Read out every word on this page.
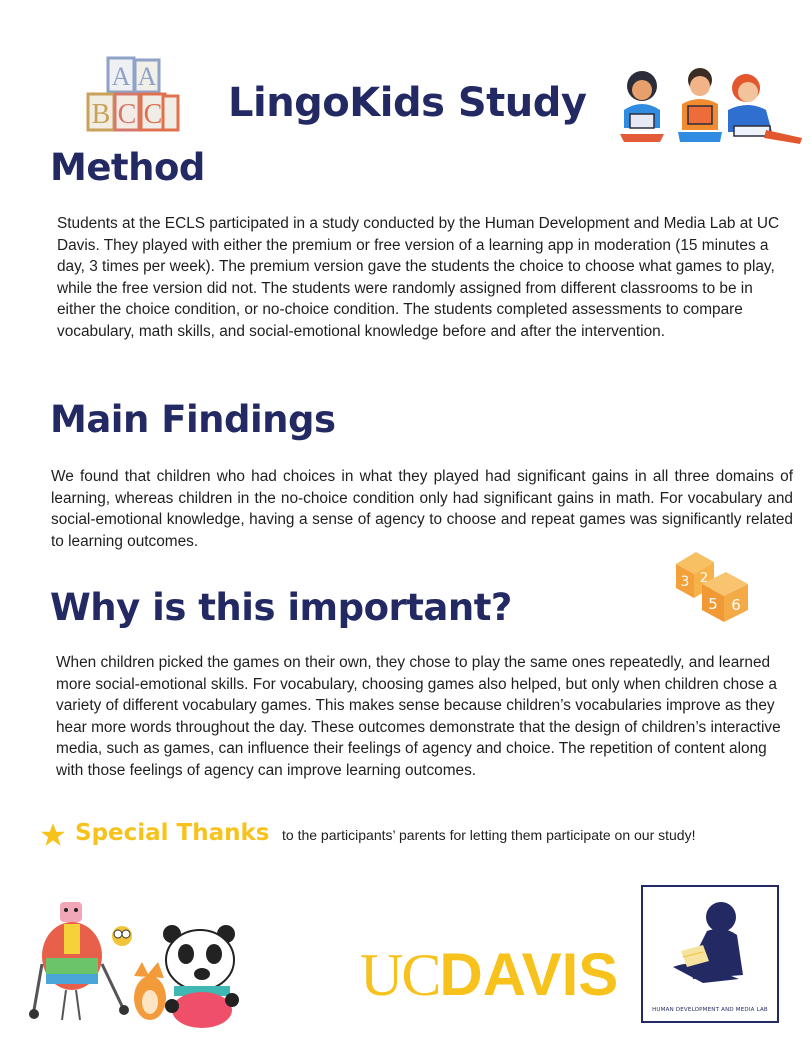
A A
B C C LingoKids Study
Method
Students at the ECLS participated in a study conducted by the Human Development and Media Lab at UC Davis. They played with either the premium or free version of a learning app in moderation (15 minutes a day, 3 times per week). The premium version gave the students the choice to choose what games to play, while the free version did not. The students were randomly assigned from different classrooms to be in either the choice condition, or no-choice condition. The students completed assessments to compare vocabulary, math skills, and social-emotional knowledge before and after the intervention.
Main Findings
We found that children who had choices in what they played had significant gains in all three domains of learning, whereas children in the no-choice condition only had significant gains in math. For vocabulary and social-emotional knowledge, having a sense of agency to choose and repeat games was significantly related to learning outcomes.
3 2
5 6
Why is this important?
When children picked the games on their own, they chose to play the same ones repeatedly, and learned more social-emotional skills. For vocabulary, choosing games also helped, but only when children chose a variety of different vocabulary games. This makes sense because children’s vocabularies improve as they hear more words throughout the day. These outcomes demonstrate that the design of children’s interactive media, such as games, can influence their feelings of agency and choice. The repetition of content along with those feelings of agency can improve learning outcomes.
Special Thanks to the participants’ parents for letting them participate on our study!
UCDAVIS
HUMAN DEVELOPMENT AND MEDIA LAB
